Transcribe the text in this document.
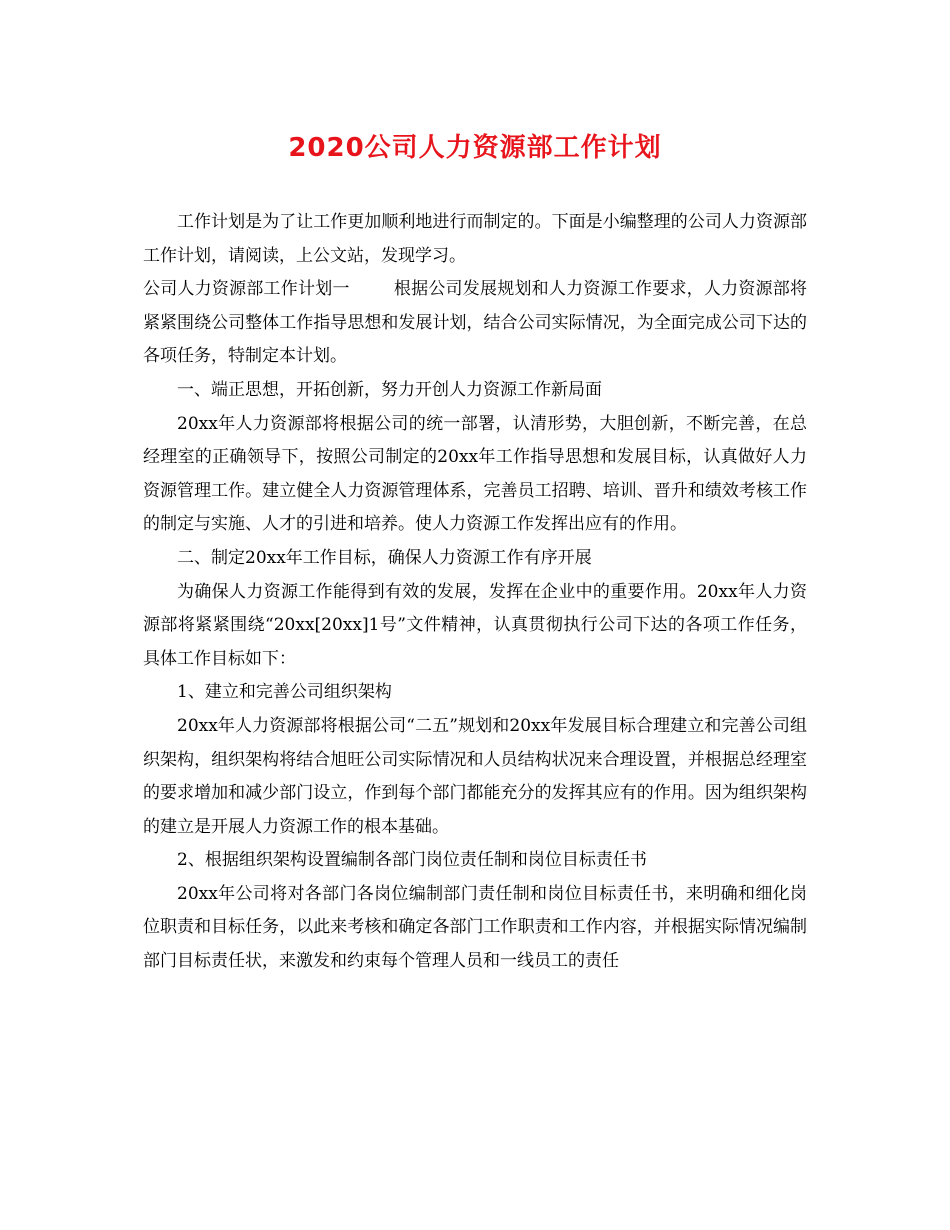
2020公司人力资源部工作计划

工作计划是为了让工作更加顺利地进行而制定的。下面是小编整理的公司人力资源部工作计划，请阅读，上公文站，发现学习。

公司人力资源部工作计划一	根据公司发展规划和人力资源工作要求，人力资源部将紧紧围绕公司整体工作指导思想和发展计划，结合公司实际情况，为全面完成公司下达的各项任务，特制定本计划。

一、端正思想，开拓创新，努力开创人力资源工作新局面

20xx年人力资源部将根据公司的统一部署，认清形势，大胆创新，不断完善，在总经理室的正确领导下，按照公司制定的20xx年工作指导思想和发展目标，认真做好人力资源管理工作。建立健全人力资源管理体系，完善员工招聘、培训、晋升和绩效考核工作的制定与实施、人才的引进和培养。使人力资源工作发挥出应有的作用。

二、制定20xx年工作目标，确保人力资源工作有序开展

为确保人力资源工作能得到有效的发展，发挥在企业中的重要作用。20xx年人力资源部将紧紧围绕“20xx[20xx]1号”文件精神，认真贯彻执行公司下达的各项工作任务，具体工作目标如下：

1、建立和完善公司组织架构

20xx年人力资源部将根据公司“二五”规划和20xx年发展目标合理建立和完善公司组织架构，组织架构将结合旭旺公司实际情况和人员结构状况来合理设置，并根据总经理室的要求增加和减少部门设立，作到每个部门都能充分的发挥其应有的作用。因为组织架构的建立是开展人力资源工作的根本基础。

2、根据组织架构设置编制各部门岗位责任制和岗位目标责任书

20xx年公司将对各部门各岗位编制部门责任制和岗位目标责任书，来明确和细化岗位职责和目标任务，以此来考核和确定各部门工作职责和工作内容，并根据实际情况编制部门目标责任状，来激发和约束每个管理人员和一线员工的责任
